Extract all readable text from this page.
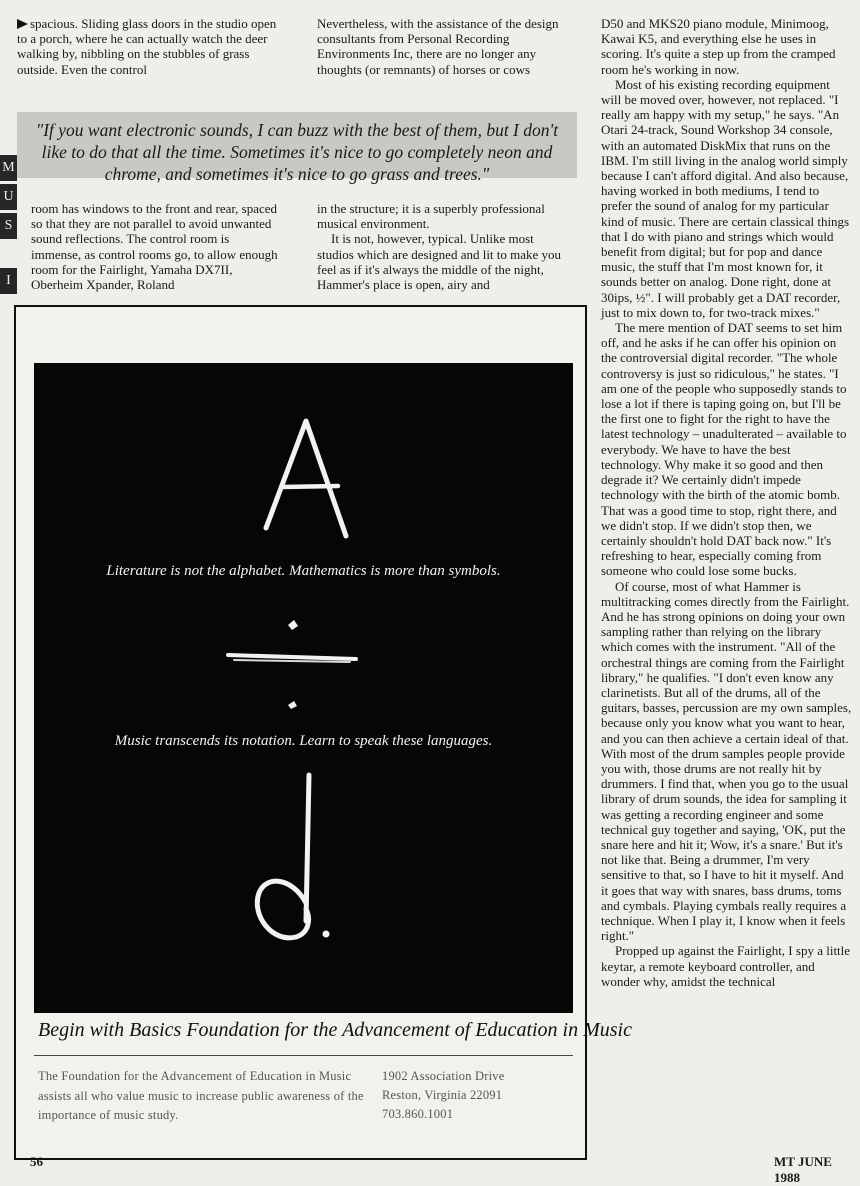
spacious. Sliding glass doors in the studio open to a porch, where he can actually watch the deer walking by, nibbling on the stubbles of grass outside. Even the control

Nevertheless, with the assistance of the design consultants from Personal Recording Environments Inc, there are no longer any thoughts (or remnants) of horses or cows

"If you want electronic sounds, I can buzz with the best of them, but I don't like to do that all the time. Sometimes it's nice to go completely neon and chrome, and sometimes it's nice to go grass and trees."
M
U
S
I

room has windows to the front and rear, spaced so that they are not parallel to avoid unwanted sound reflections. The control room is immense, as control rooms go, to allow enough room for the Fairlight, Yamaha DX7II, Oberheim Xpander, Roland

in the structure; it is a superbly professional musical environment.

It is not, however, typical. Unlike most studios which are designed and lit to make you feel as if it's always the middle of the night, Hammer's place is open, airy and

D50 and MKS20 piano module, Minimoog, Kawai K5, and everything else he uses in scoring. It's quite a step up from the cramped room he's working in now.

Most of his existing recording equipment will be moved over, however, not replaced. "I really am happy with my setup," he says. "An Otari 24-track, Sound Workshop 34 console, with an automated DiskMix that runs on the IBM. I'm still living in the analog world simply because I can't afford digital. And also because, having worked in both mediums, I tend to prefer the sound of analog for my particular kind of music. There are certain classical things that I do with piano and strings which would benefit from digital; but for pop and dance music, the stuff that I'm most known for, it sounds better on analog. Done right, done at 30ips, ½". I will probably get a DAT recorder, just to mix down to, for two-track mixes."

The mere mention of DAT seems to set him off, and he asks if he can offer his opinion on the controversial digital recorder. "The whole controversy is just so ridiculous," he states. "I am one of the people who supposedly stands to lose a lot if there is taping going on, but I'll be the first one to fight for the right to have the latest technology – unadulterated – available to everybody. We have to have the best technology. Why make it so good and then degrade it? We certainly didn't impede technology with the birth of the atomic bomb. That was a good time to stop, right there, and we didn't stop. If we didn't stop then, we certainly shouldn't hold DAT back now." It's refreshing to hear, especially coming from someone who could lose some bucks.

Of course, most of what Hammer is multitracking comes directly from the Fairlight. And he has strong opinions on doing your own sampling rather than relying on the library which comes with the instrument. "All of the orchestral things are coming from the Fairlight library," he qualifies. "I don't even know any clarinetists. But all of the drums, all of the guitars, basses, percussion are my own samples, because only you know what you want to hear, and you can then achieve a certain ideal of that. With most of the drum samples people provide you with, those drums are not really hit by drummers. I find that, when you go to the usual library of drum sounds, the idea for sampling it was getting a recording engineer and some technical guy together and saying, 'OK, put the snare here and hit it; Wow, it's a snare.' But it's not like that. Being a drummer, I'm very sensitive to that, so I have to hit it myself. And it goes that way with snares, bass drums, toms and cymbals. Playing cymbals really requires a technique. When I play it, I know when it feels right."

Propped up against the Fairlight, I spy a little keytar, a remote keyboard controller, and wonder why, amidst the technical

Literature is not the alphabet. Mathematics is more than symbols.
Music transcends its notation. Learn to speak these languages.
Begin with Basics Foundation for the Advancement of Education in Music
The Foundation for the Advancement of Education in Music assists all who value music to increase public awareness of the importance of music study.
1902 Association Drive
Reston, Virginia 22091
703.860.1001
56	MT JUNE 1988
